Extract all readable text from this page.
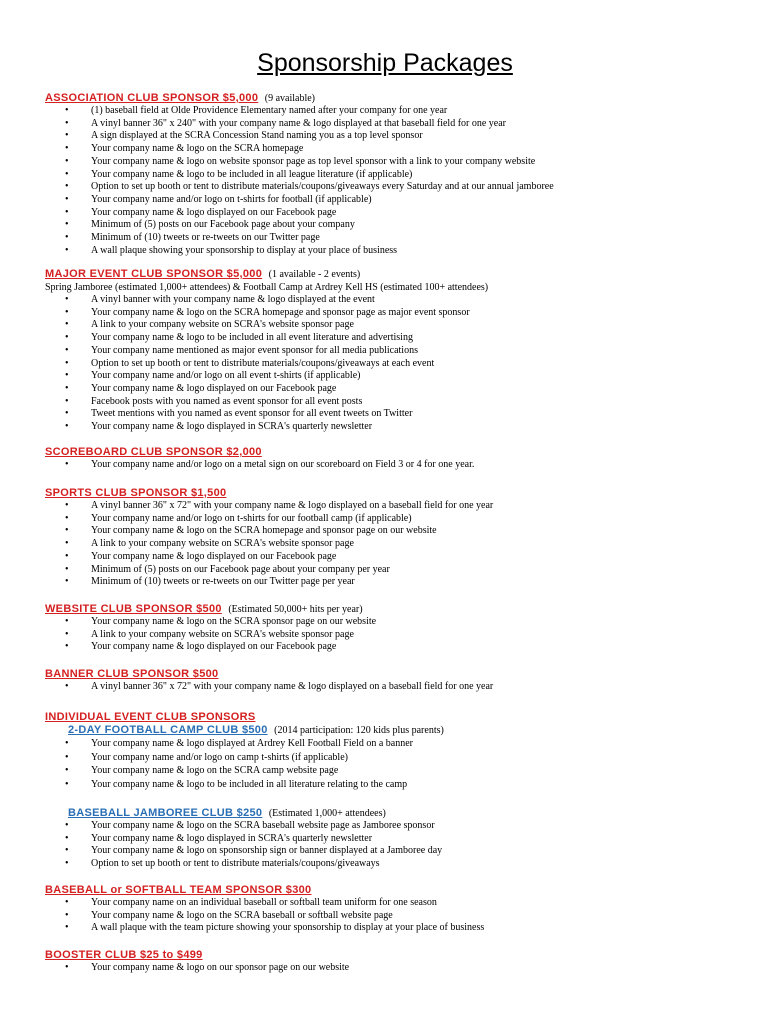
Sponsorship Packages
ASSOCIATION CLUB SPONSOR $5,000 (9 available)
• (1) baseball field at Olde Providence Elementary named after your company for one year
• A vinyl banner 36" x 240" with your company name & logo displayed at that baseball field for one year
• A sign displayed at the SCRA Concession Stand naming you as a top level sponsor
• Your company name & logo on the SCRA homepage
• Your company name & logo on website sponsor page as top level sponsor with a link to your company website
• Your company name & logo to be included in all league literature (if applicable)
• Option to set up booth or tent to distribute materials/coupons/giveaways every Saturday and at our annual jamboree
• Your company name and/or logo on t-shirts for football (if applicable)
• Your company name & logo displayed on our Facebook page
• Minimum of (5) posts on our Facebook page about your company
• Minimum of (10) tweets or re-tweets on our Twitter page
• A wall plaque showing your sponsorship to display at your place of business
MAJOR EVENT CLUB SPONSOR $5,000 (1 available - 2 events)
Spring Jamboree (estimated 1,000+ attendees) & Football Camp at Ardrey Kell HS (estimated 100+ attendees)
• A vinyl banner with your company name & logo displayed at the event
• Your company name & logo on the SCRA homepage and sponsor page as major event sponsor
• A link to your company website on SCRA's website sponsor page
• Your company name & logo to be included in all event literature and advertising
• Your company name mentioned as major event sponsor for all media publications
• Option to set up booth or tent to distribute materials/coupons/giveaways at each event
• Your company name and/or logo on all event t-shirts (if applicable)
• Your company name & logo displayed on our Facebook page
• Facebook posts with you named as event sponsor for all event posts
• Tweet mentions with you named as event sponsor for all event tweets on Twitter
• Your company name & logo displayed in SCRA's quarterly newsletter
SCOREBOARD CLUB SPONSOR $2,000
• Your company name and/or logo on a metal sign on our scoreboard on Field 3 or 4 for one year.
SPORTS CLUB SPONSOR $1,500
• A vinyl banner 36" x 72" with your company name & logo displayed on a baseball field for one year
• Your company name and/or logo on t-shirts for our football camp (if applicable)
• Your company name & logo on the SCRA homepage and sponsor page on our website
• A link to your company website on SCRA's website sponsor page
• Your company name & logo displayed on our Facebook page
• Minimum of (5) posts on our Facebook page about your company per year
• Minimum of (10) tweets or re-tweets on our Twitter page per year
WEBSITE CLUB SPONSOR $500 (Estimated 50,000+ hits per year)
• Your company name & logo on the SCRA sponsor page on our website
• A link to your company website on SCRA's website sponsor page
• Your company name & logo displayed on our Facebook page
BANNER CLUB SPONSOR $500
• A vinyl banner 36" x 72" with your company name & logo displayed on a baseball field for one year
INDIVIDUAL EVENT CLUB SPONSORS
2-DAY FOOTBALL CAMP CLUB $500 (2014 participation: 120 kids plus parents)
• Your company name & logo displayed at Ardrey Kell Football Field on a banner
• Your company name and/or logo on camp t-shirts (if applicable)
• Your company name & logo on the SCRA camp website page
• Your company name & logo to be included in all literature relating to the camp
BASEBALL JAMBOREE CLUB $250 (Estimated 1,000+ attendees)
• Your company name & logo on the SCRA baseball website page as Jamboree sponsor
• Your company name & logo displayed in SCRA's quarterly newsletter
• Your company name & logo on sponsorship sign or banner displayed at a Jamboree day
• Option to set up booth or tent to distribute materials/coupons/giveaways
BASEBALL or SOFTBALL TEAM SPONSOR $300
• Your company name on an individual baseball or softball team uniform for one season
• Your company name & logo on the SCRA baseball or softball website page
• A wall plaque with the team picture showing your sponsorship to display at your place of business
BOOSTER CLUB $25 to $499
• Your company name & logo on our sponsor page on our website
